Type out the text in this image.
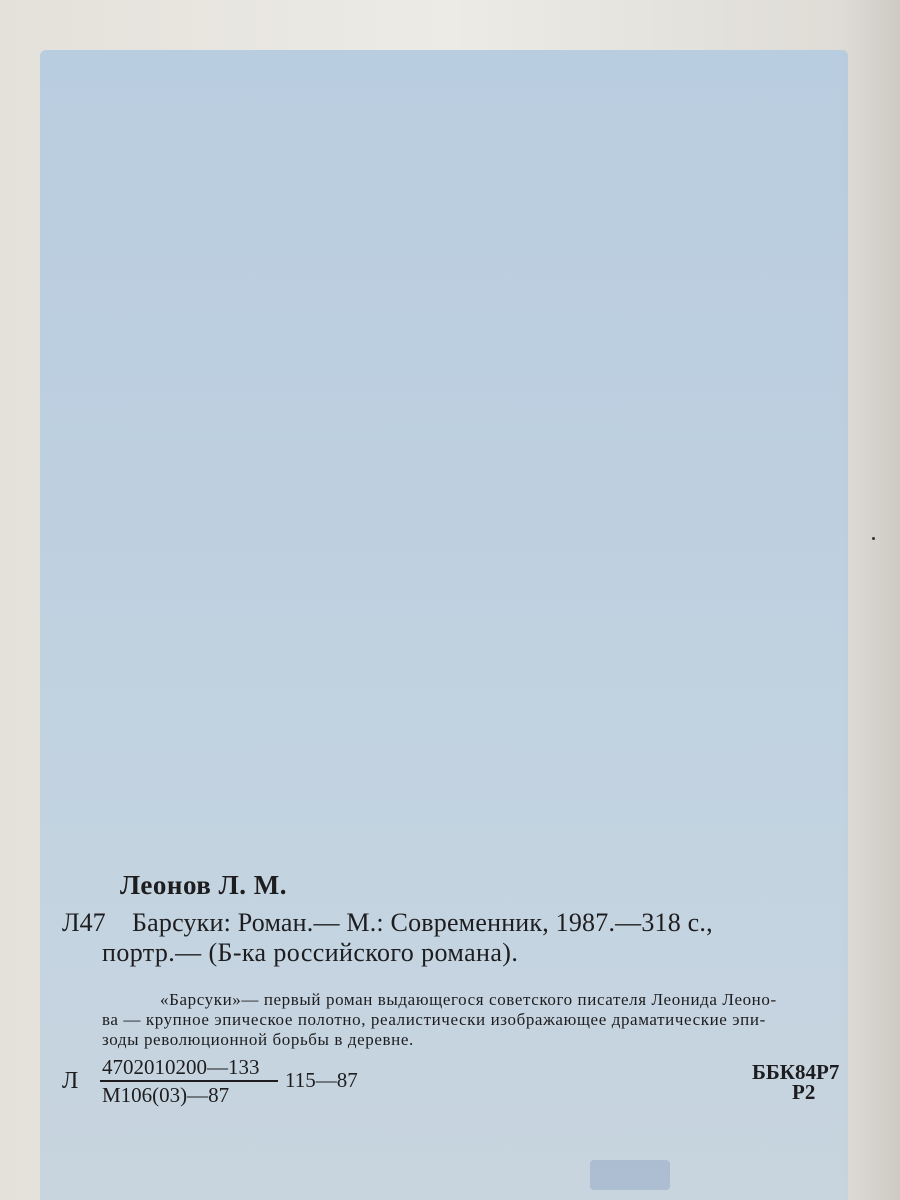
Леонов Л. М.
Л47 Барсуки: Роман.— М.: Современник, 1987.—318 с.,
портр.— (Б-ка российского романа).
«Барсуки»— первый роман выдающегося советского писателя Леонида Леоно-
ва — крупное эпическое полотно, реалистически изображающее драматические эпи-
зоды революционной борьбы в деревне.
Л
4702010200—133
М106(03)—87
115—87	ББК84Р7
Р2
